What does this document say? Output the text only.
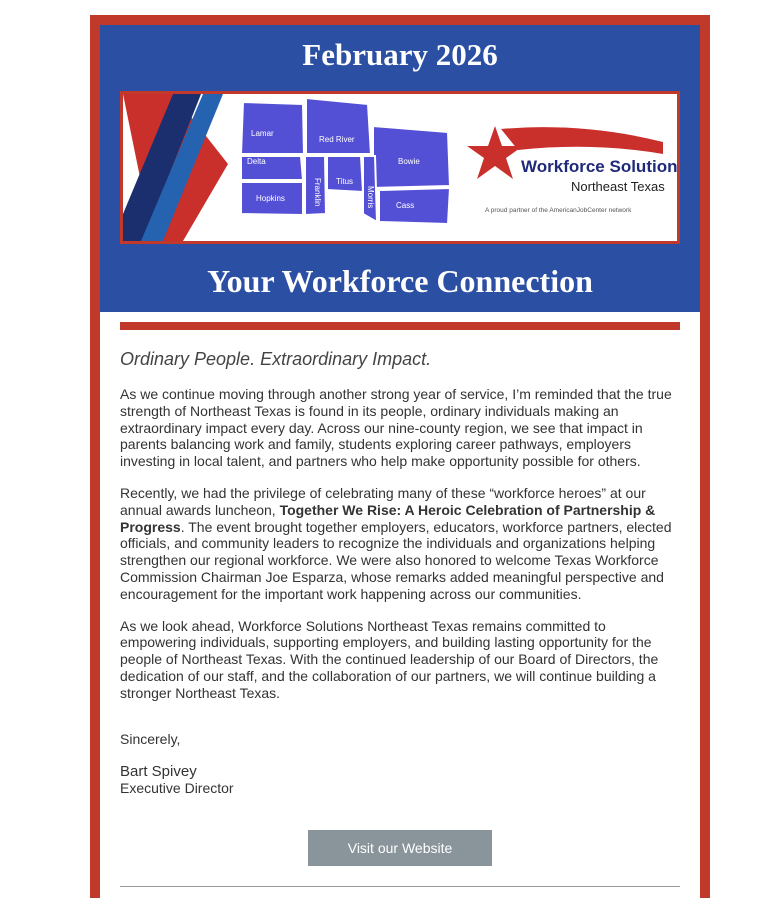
February 2026
Lamar
Red River
Bowie
Delta
Hopkins	Franklin Titus
Morris	Cass
Workforce Solutions
Northeast Texas
A proud partner of the AmericanJobCenter network
Your Workforce Connection
Ordinary People. Extraordinary Impact.

As we continue moving through another strong year of service, I’m reminded that the true strength of Northeast Texas is found in its people, ordinary individuals making an extraordinary impact every day. Across our nine-county region, we see that impact in parents balancing work and family, students exploring career pathways, employers investing in local talent, and partners who help make opportunity possible for others.

Recently, we had the privilege of celebrating many of these “workforce heroes” at our annual awards luncheon, Together We Rise: A Heroic Celebration of Partnership & Progress. The event brought together employers, educators, workforce partners, elected officials, and community leaders to recognize the individuals and organizations helping strengthen our regional workforce. We were also honored to welcome Texas Workforce Commission Chairman Joe Esparza, whose remarks added meaningful perspective and encouragement for the important work happening across our communities.

As we look ahead, Workforce Solutions Northeast Texas remains committed to empowering individuals, supporting employers, and building lasting opportunity for the people of Northeast Texas. With the continued leadership of our Board of Directors, the dedication of our staff, and the collaboration of our partners, we will continue building a stronger Northeast Texas.

Sincerely,

Bart Spivey

Executive Director

Visit our Website
